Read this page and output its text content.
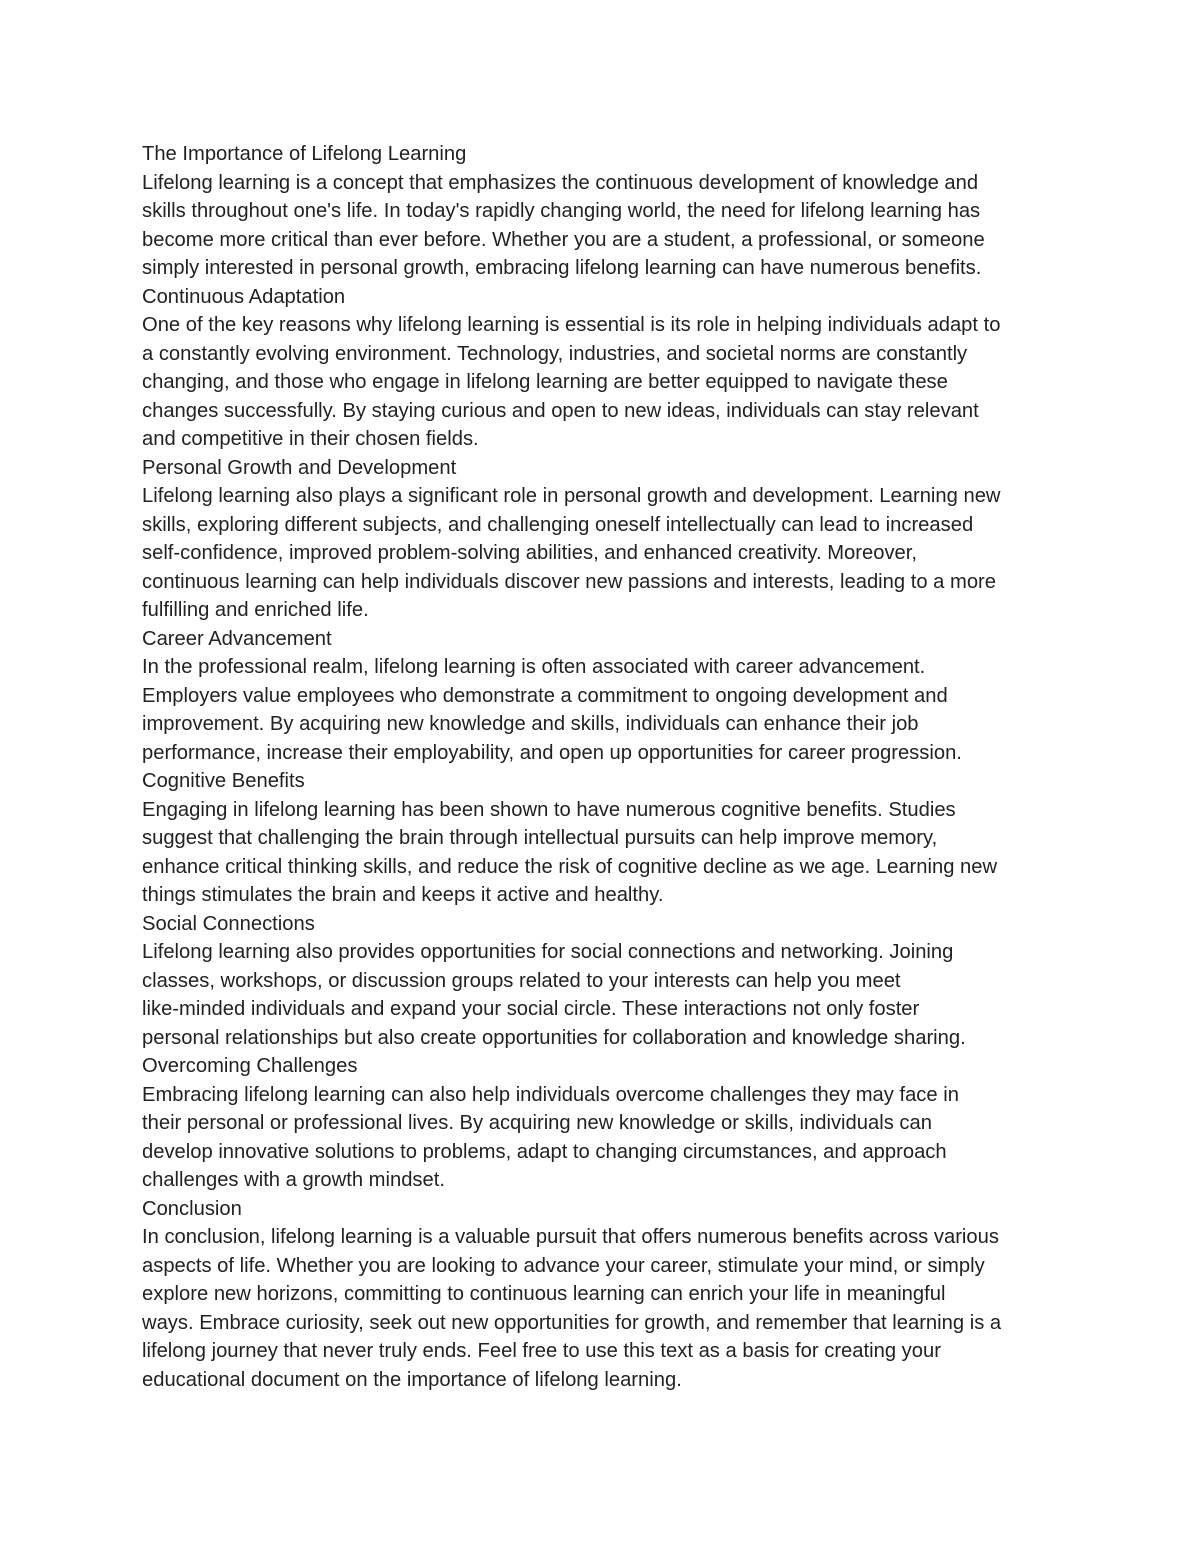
The Importance of Lifelong Learning
Lifelong learning is a concept that emphasizes the continuous development of knowledge and
skills throughout one's life. In today's rapidly changing world, the need for lifelong learning has
become more critical than ever before. Whether you are a student, a professional, or someone
simply interested in personal growth, embracing lifelong learning can have numerous benefits.
Continuous Adaptation
One of the key reasons why lifelong learning is essential is its role in helping individuals adapt to
a constantly evolving environment. Technology, industries, and societal norms are constantly
changing, and those who engage in lifelong learning are better equipped to navigate these
changes successfully. By staying curious and open to new ideas, individuals can stay relevant
and competitive in their chosen fields.
Personal Growth and Development
Lifelong learning also plays a significant role in personal growth and development. Learning new
skills, exploring different subjects, and challenging oneself intellectually can lead to increased
self-confidence, improved problem-solving abilities, and enhanced creativity. Moreover,
continuous learning can help individuals discover new passions and interests, leading to a more
fulfilling and enriched life.
Career Advancement
In the professional realm, lifelong learning is often associated with career advancement.
Employers value employees who demonstrate a commitment to ongoing development and
improvement. By acquiring new knowledge and skills, individuals can enhance their job
performance, increase their employability, and open up opportunities for career progression.
Cognitive Benefits
Engaging in lifelong learning has been shown to have numerous cognitive benefits. Studies
suggest that challenging the brain through intellectual pursuits can help improve memory,
enhance critical thinking skills, and reduce the risk of cognitive decline as we age. Learning new
things stimulates the brain and keeps it active and healthy.
Social Connections
Lifelong learning also provides opportunities for social connections and networking. Joining
classes, workshops, or discussion groups related to your interests can help you meet
like-minded individuals and expand your social circle. These interactions not only foster
personal relationships but also create opportunities for collaboration and knowledge sharing.
Overcoming Challenges
Embracing lifelong learning can also help individuals overcome challenges they may face in
their personal or professional lives. By acquiring new knowledge or skills, individuals can
develop innovative solutions to problems, adapt to changing circumstances, and approach
challenges with a growth mindset.
Conclusion
In conclusion, lifelong learning is a valuable pursuit that offers numerous benefits across various
aspects of life. Whether you are looking to advance your career, stimulate your mind, or simply
explore new horizons, committing to continuous learning can enrich your life in meaningful
ways. Embrace curiosity, seek out new opportunities for growth, and remember that learning is a
lifelong journey that never truly ends. Feel free to use this text as a basis for creating your
educational document on the importance of lifelong learning.
